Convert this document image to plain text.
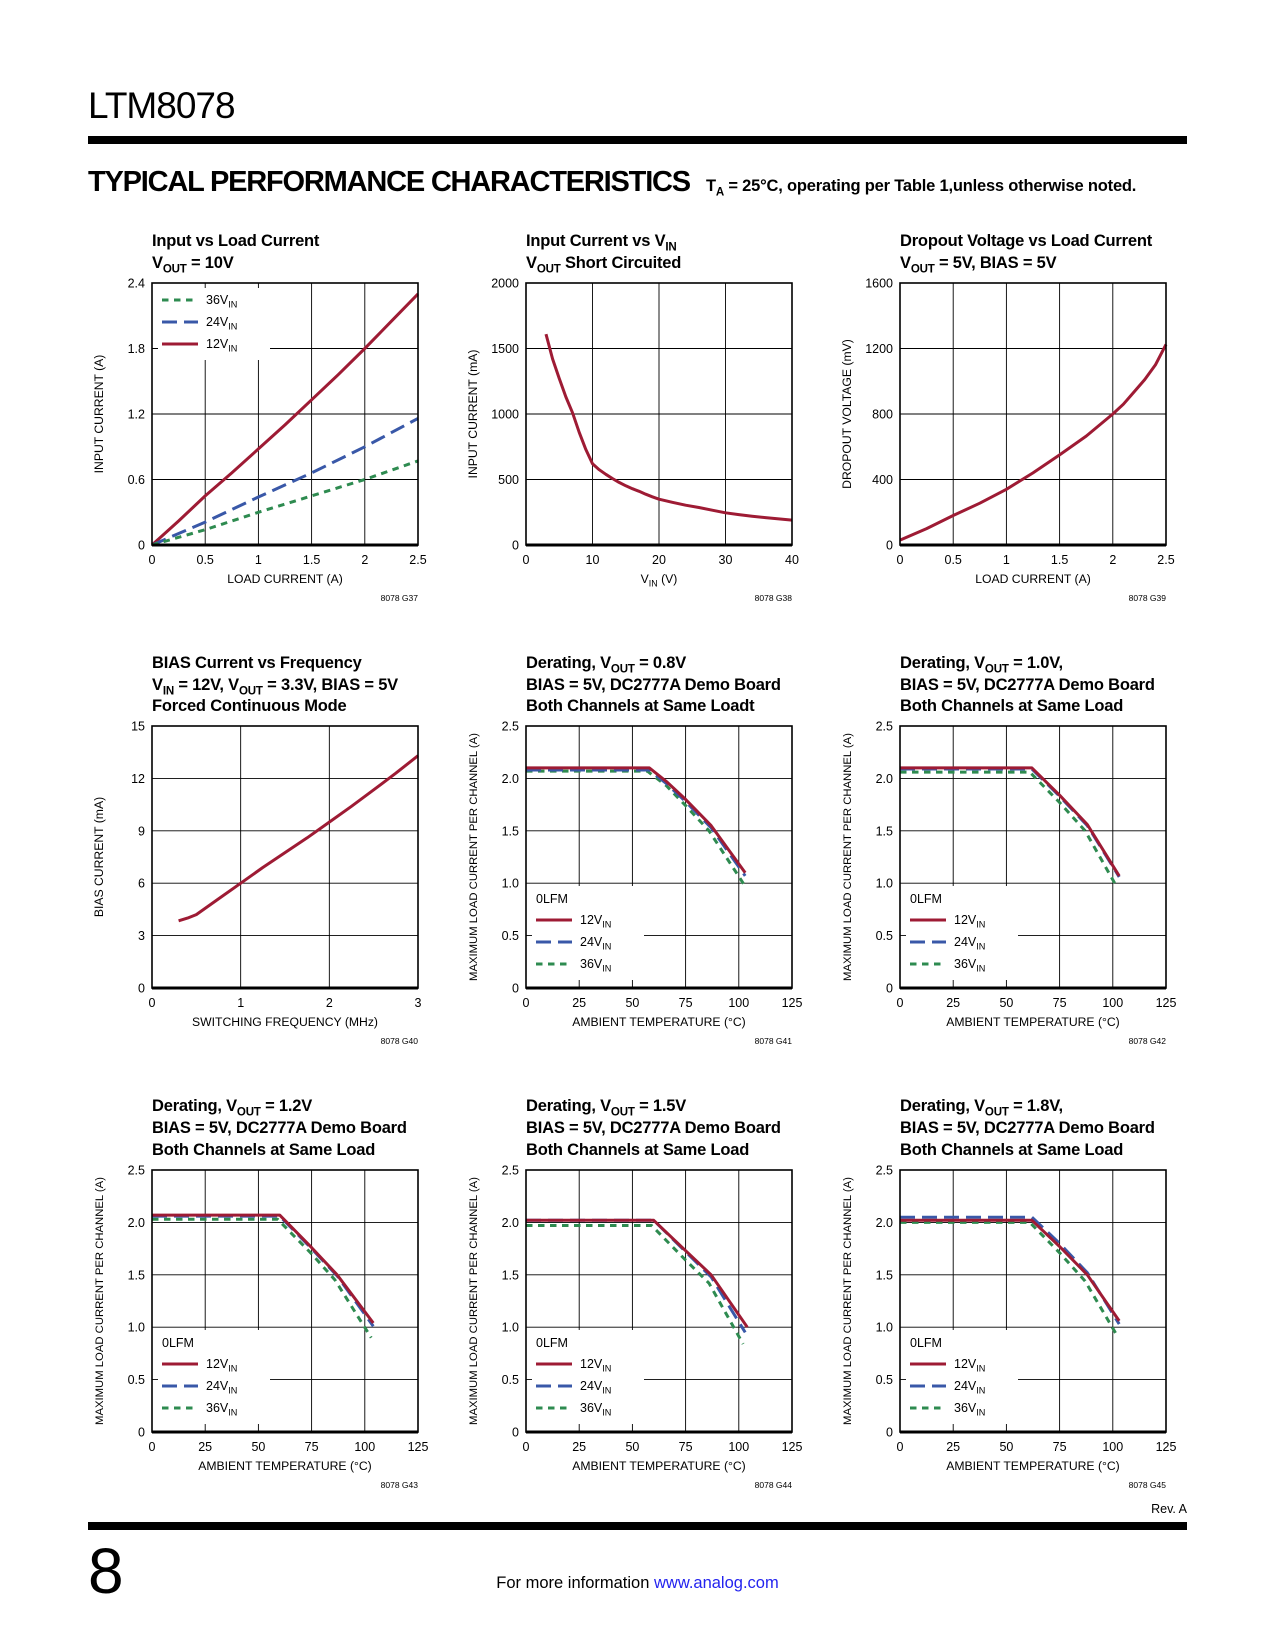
LTM8078
TYPICAL PERFORMANCE CHARACTERISTICS $T_A = 25^\circ C$, operating per Table 1,unless otherwise noted.
Input vs Load Current
$V_{OUT} = 10V$
$36V_{IN}$
$24V_{IN}$
$12V_{IN}$
0	0.5	1	1.5	2	2.5
0
0.6
1.2
1.8
2.4
LOAD CURRENT (A)
INPUT CURRENT (A)
8078 G37
Input Current vs $V_{IN}$
$V_{OUT}$ Short Circuited
0	10	20	30	40
0
500
1000
1500
2000
$V_{IN}$ (V)
INPUT CURRENT (mA)
8078 G38
Dropout Voltage vs Load Current
$V_{OUT} = 5V$, BIAS = 5V
0	0.5	1	1.5	2	2.5
0
400
800
1200
1600
LOAD CURRENT (A)
DROPOUT VOLTAGE (mV)
8078 G39
BIAS Current vs Frequency
$V_{IN} = 12V$, $V_{OUT} = 3.3V$, BIAS = 5V
Forced Continuous Mode
0	1	2	3
0
3
6
9
12
15
SWITCHING FREQUENCY (MHz)
BIAS CURRENT (mA)
8078 G40
Derating, $V_{OUT} = 0.8V$
BIAS = 5V, DC2777A Demo Board
Both Channels at Same Loadt
0LFM
$12V_{IN}$
$24V_{IN}$
$36V_{IN}$
0	25	50	75	100	125
0
0.5
1.0
1.5
2.0
2.5
AMBIENT TEMPERATURE (°C)
MAXIMUM LOAD CURRENT PER CHANNEL (A)
8078 G41
Derating, $V_{OUT} = 1.0V$,
BIAS = 5V, DC2777A Demo Board
Both Channels at Same Load
0LFM
$12V_{IN}$
$24V_{IN}$
$36V_{IN}$
0	25	50	75	100	125
0
0.5
1.0
1.5
2.0
2.5
AMBIENT TEMPERATURE (°C)
MAXIMUM LOAD CURRENT PER CHANNEL (A)
8078 G42
Derating, $V_{OUT} = 1.2V$
BIAS = 5V, DC2777A Demo Board
Both Channels at Same Load
0LFM
$12V_{IN}$
$24V_{IN}$
$36V_{IN}$
0	25	50	75	100	125
0
0.5
1.0
1.5
2.0
2.5
AMBIENT TEMPERATURE (°C)
MAXIMUM LOAD CURRENT PER CHANNEL (A)
8078 G43
Derating, $V_{OUT} = 1.5V$
BIAS = 5V, DC2777A Demo Board
Both Channels at Same Load
0LFM
$12V_{IN}$
$24V_{IN}$
$36V_{IN}$
0	25	50	75	100	125
0
0.5
1.0
1.5
2.0
2.5
AMBIENT TEMPERATURE (°C)
MAXIMUM LOAD CURRENT PER CHANNEL (A)
8078 G44
Derating, $V_{OUT} = 1.8V$,
BIAS = 5V, DC2777A Demo Board
Both Channels at Same Load
0LFM
$12V_{IN}$
$24V_{IN}$
$36V_{IN}$
0	25	50	75	100	125
0
0.5
1.0
1.5
2.0
2.5
AMBIENT TEMPERATURE (°C)
MAXIMUM LOAD CURRENT PER CHANNEL (A)
8078 G45
Rev. A
8	For more information www.analog.com
